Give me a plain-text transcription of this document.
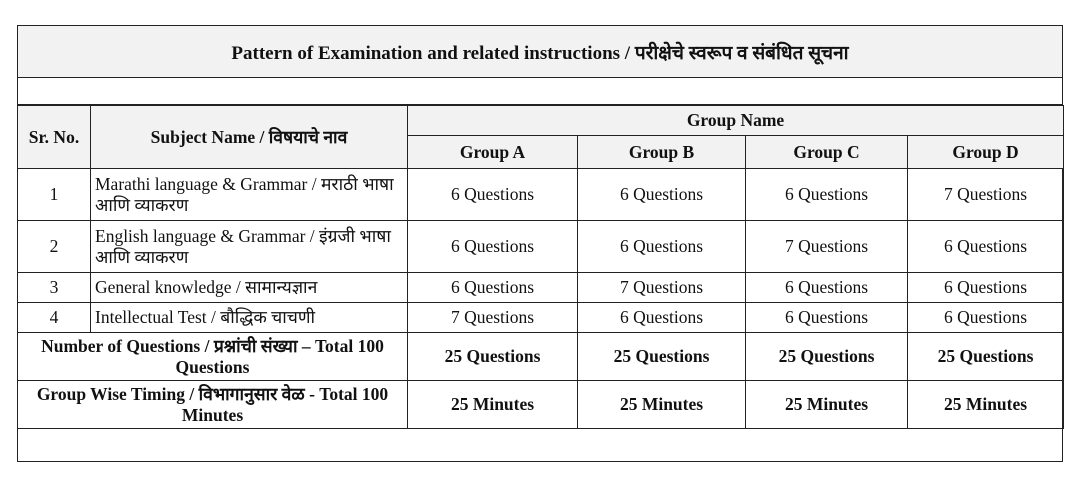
Pattern of Examination and related instructions / परीक्षेचे स्वरूप व संबंधित सूचना
Sr. No.	Subject Name / विषयाचे नाव	Group Name			
		Group A	Group B	Group C	Group D
1	Marathi language & Grammar / मराठी भाषा आणि व्याकरण	6 Questions	6 Questions	6 Questions	7 Questions
2	English language & Grammar / इंग्रजी भाषा आणि व्याकरण	6 Questions	6 Questions	7 Questions	6 Questions
3	General knowledge / सामान्यज्ञान	6 Questions	7 Questions	6 Questions	6 Questions
4	Intellectual Test / बौद्धिक चाचणी	7 Questions	6 Questions	6 Questions	6 Questions
Number of Questions / प्रश्नांची संख्या – Total 100 Questions		25 Questions	25 Questions	25 Questions	25 Questions
Group Wise Timing / विभागानुसार वेळ - Total 100 Minutes		25 Minutes	25 Minutes	25 Minutes	25 Minutes
